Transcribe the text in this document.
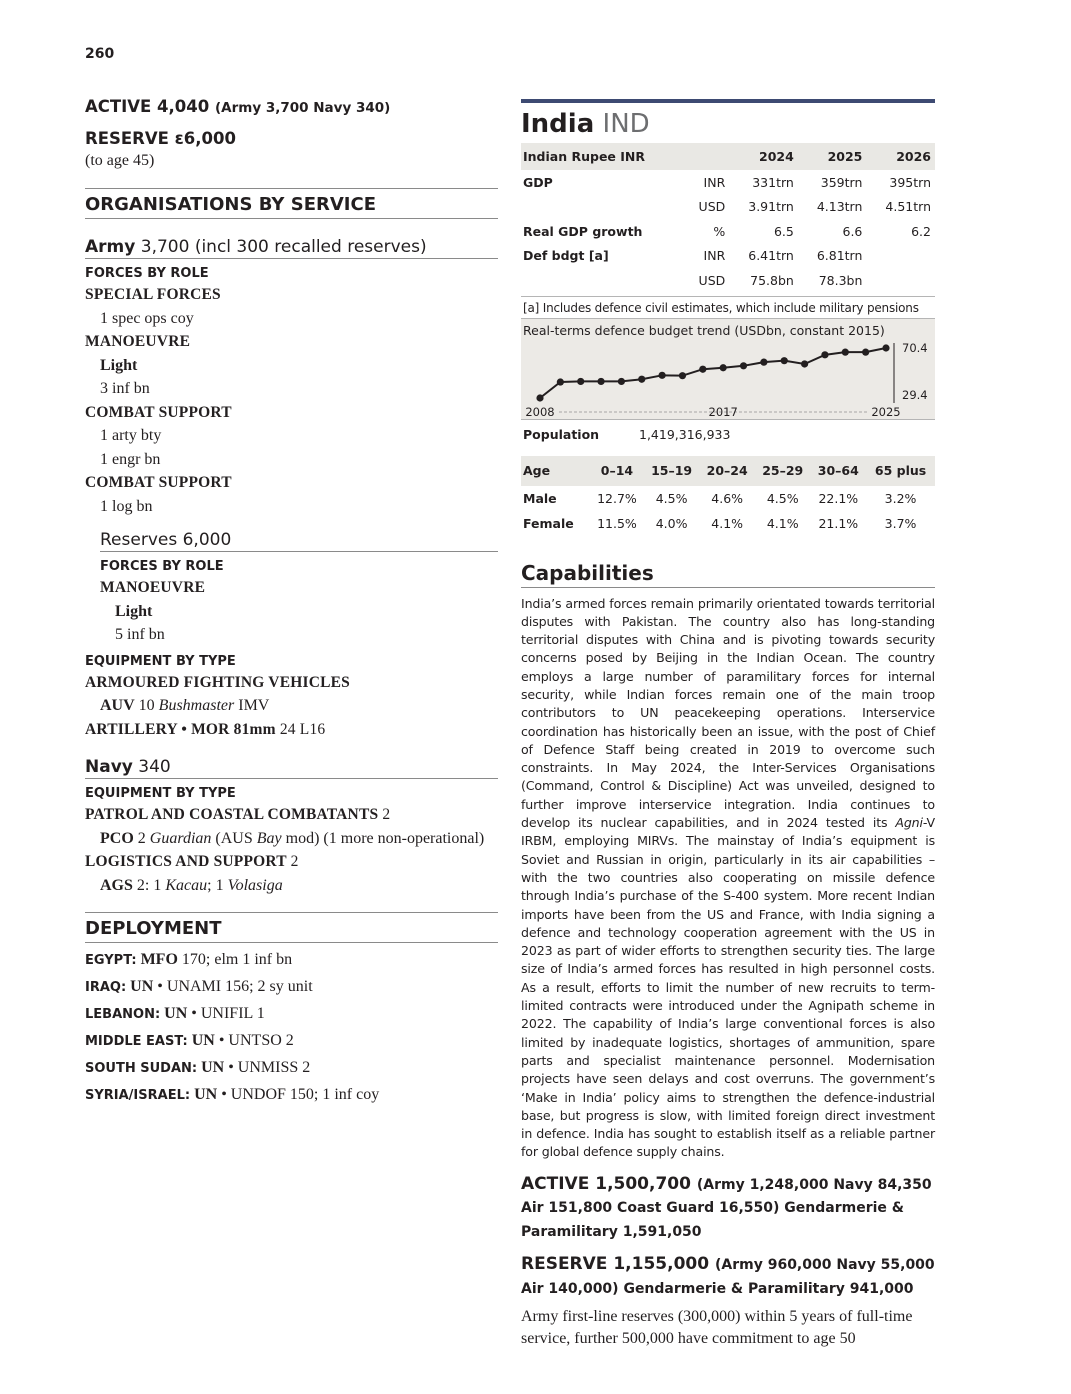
260
ACTIVE 4,040 (Army 3,700 Navy 340)
RESERVE ε6,000
(to age 45)
ORGANISATIONS BY SERVICE
Army 3,700 (incl 300 recalled reserves)
FORCES BY ROLE
SPECIAL FORCES
1 spec ops coy
MANOEUVRE
Light
3 inf bn
COMBAT SUPPORT
1 arty bty
1 engr bn
COMBAT SUPPORT
1 log bn
Reserves 6,000
FORCES BY ROLE
MANOEUVRE
Light
5 inf bn
EQUIPMENT BY TYPE
ARMOURED FIGHTING VEHICLES
AUV 10 Bushmaster IMV
ARTILLERY • MOR 81mm 24 L16
Navy 340
EQUIPMENT BY TYPE
PATROL AND COASTAL COMBATANTS 2
PCO 2 Guardian (AUS Bay mod) (1 more non-operational)
LOGISTICS AND SUPPORT 2
AGS 2: 1 Kacau; 1 Volasiga
DEPLOYMENT
EGYPT: MFO 170; elm 1 inf bn
IRAQ: UN • UNAMI 156; 2 sy unit
LEBANON: UN • UNIFIL 1
MIDDLE EAST: UN • UNTSO 2
SOUTH SUDAN: UN • UNMISS 2
SYRIA/ISRAEL: UN • UNDOF 150; 1 inf coy
India IND
Indian Rupee INR		2024	2025	2026
GDP	INR	331trn	359trn	395trn
	USD	3.91trn	4.13trn	4.51trn
Real GDP growth	%	6.5	6.6	6.2
Def bdgt [a]	INR	6.41trn	6.81trn	
	USD	75.8bn	78.3bn	
[a] Includes defence civil estimates, which include military pensions
Real-terms defence budget trend (USDbn, constant 2015)
70.4
29.4
2008	2017	2025
Population	1,419,316,933
Age	0–14	15–19	20–24	25–29	30–64	65 plus
Male	12.7%	4.5%	4.6%	4.5%	22.1%	3.2%
Female	11.5%	4.0%	4.1%	4.1%	21.1%	3.7%
Capabilities
India’s armed forces remain primarily orientated towards territorial disputes with Pakistan. The country also has long-standing territorial disputes with China and is pivoting towards security concerns posed by Beijing in the Indian Ocean. The country employs a large number of paramilitary forces for internal security, while Indian forces remain one of the main troop contributors to UN peacekeeping operations. Interservice coordination has historically been an issue, with the post of Chief of Defence Staff being created in 2019 to overcome such constraints. In May 2024, the Inter-Services Organisations (Command, Control & Discipline) Act was unveiled, designed to further improve interservice integration. India continues to develop its nuclear capabilities, and in 2024 tested its Agni-V IRBM, employing MIRVs. The mainstay of India’s equipment is Soviet and Russian in origin, particularly in its air capabilities – with the two countries also cooperating on missile defence through India’s purchase of the S-400 system. More recent Indian imports have been from the US and France, with India signing a defence and technology cooperation agreement with the US in 2023 as part of wider efforts to strengthen security ties. The large size of India’s armed forces has resulted in high personnel costs. As a result, efforts to limit the number of new recruits to term-limited contracts were introduced under the Agnipath scheme in 2022. The capability of India’s large conventional forces is also limited by inadequate logistics, shortages of ammunition, spare parts and specialist maintenance personnel. Modernisation projects have seen delays and cost overruns. The government’s ‘Make in India’ policy aims to strengthen the defence-industrial base, but progress is slow, with limited foreign direct investment in defence. India has sought to establish itself as a reliable partner for global defence supply chains.
ACTIVE 1,500,700 (Army 1,248,000 Navy 84,350 Air 151,800 Coast Guard 16,550) Gendarmerie & Paramilitary 1,591,050
RESERVE 1,155,000 (Army 960,000 Navy 55,000 Air 140,000) Gendarmerie & Paramilitary 941,000
Army first-line reserves (300,000) within 5 years of full-time service, further 500,000 have commitment to age 50
